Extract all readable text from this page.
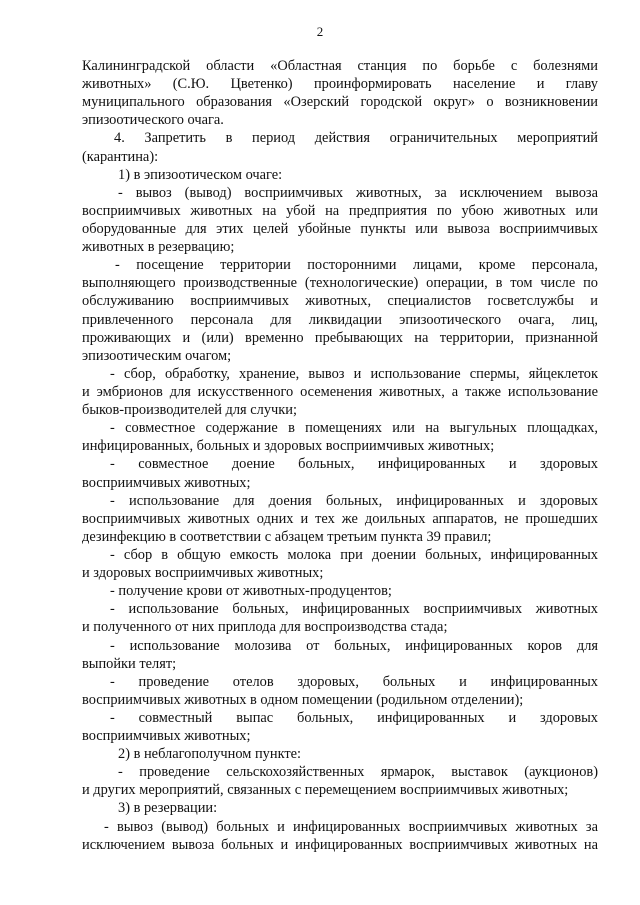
2
Калининградской области «Областная станция по борьбе с болезнями
животных» (С.Ю. Цветенко) проинформировать население и главу
муниципального образования «Озерский городской округ» о возникновении
эпизоотического очага.
4. Запретить в период действия ограничительных мероприятий
(карантина):
1) в эпизоотическом очаге:
- вывоз (вывод) восприимчивых животных, за исключением вывоза
восприимчивых животных на убой на предприятия по убою животных или
оборудованные для этих целей убойные пункты или вывоза восприимчивых
животных в резервацию;
- посещение территории посторонними лицами, кроме персонала,
выполняющего производственные (технологические) операции, в том числе по
обслуживанию восприимчивых животных, специалистов госветслужбы и
привлеченного персонала для ликвидации эпизоотического очага, лиц,
проживающих и (или) временно пребывающих на территории, признанной
эпизоотическим очагом;
- сбор, обработку, хранение, вывоз и использование спермы, яйцеклеток
и эмбрионов для искусственного осеменения животных, а также использование
быков-производителей для случки;
- совместное содержание в помещениях или на выгульных площадках,
инфицированных, больных и здоровых восприимчивых животных;
- совместное доение больных, инфицированных и здоровых
восприимчивых животных;
- использование для доения больных, инфицированных и здоровых
восприимчивых животных одних и тех же доильных аппаратов, не прошедших
дезинфекцию в соответствии с абзацем третьим пункта 39 правил;
- сбор в общую емкость молока при доении больных, инфицированных
и здоровых восприимчивых животных;
- получение крови от животных-продуцентов;
- использование больных, инфицированных восприимчивых животных
и полученного от них приплода для воспроизводства стада;
- использование молозива от больных, инфицированных коров для
выпойки телят;
- проведение отелов здоровых, больных и инфицированных
восприимчивых животных в одном помещении (родильном отделении);
- совместный выпас больных, инфицированных и здоровых
восприимчивых животных;
2) в неблагополучном пункте:
- проведение сельскохозяйственных ярмарок, выставок (аукционов)
и других мероприятий, связанных с перемещением восприимчивых животных;
3) в резервации:
- вывоз (вывод) больных и инфицированных восприимчивых животных за
исключением вывоза больных и инфицированных восприимчивых животных на
